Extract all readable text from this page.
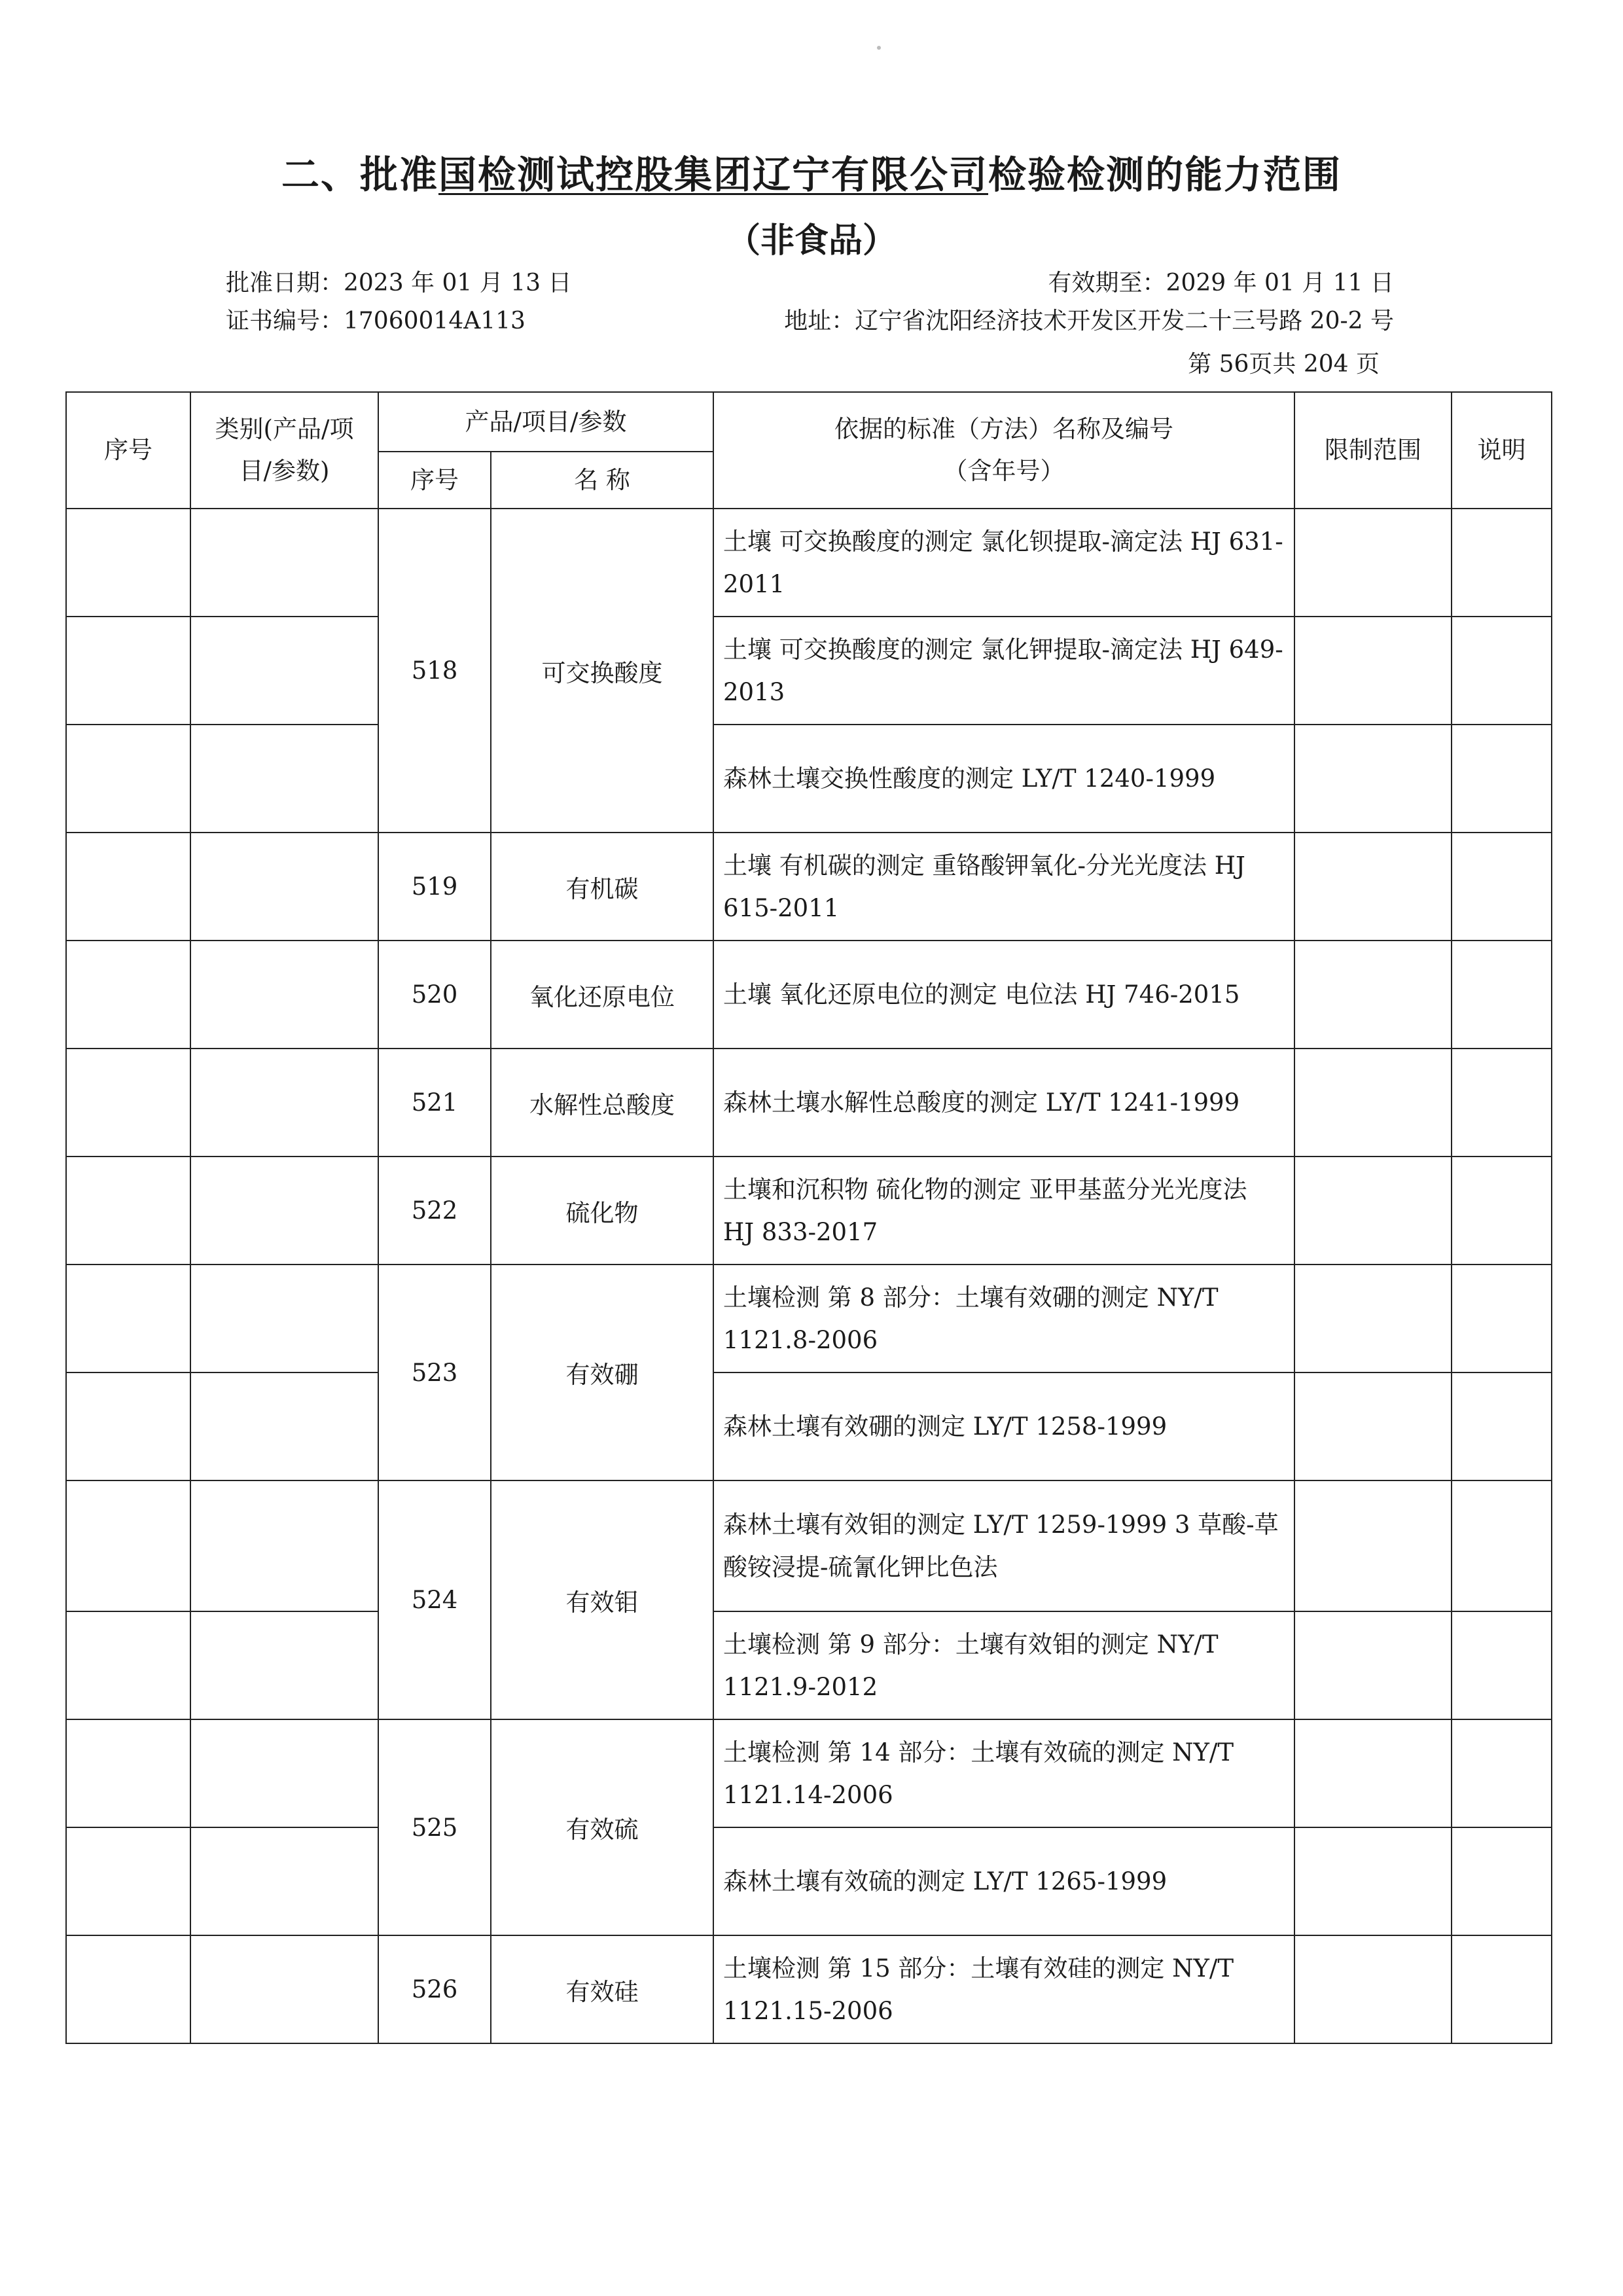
二、批准国检测试控股集团辽宁有限公司检验检测的能力范围
（非食品）
批准日期：2023 年 01 月 13 日	有效期至：2029 年 01 月 11 日
证书编号：17060014A113	地址：辽宁省沈阳经济技术开发区开发二十三号路 20-2 号
第 56页共 204 页
序号	类别(产品/项目/参数)	产品/项目/参数		依据的标准（方法）名称及编号（含年号）	限制范围	说明
		序号	名 称			
		518	可交换酸度	土壤 可交换酸度的测定 氯化钡提取-滴定法 HJ 631-2011		
				土壤 可交换酸度的测定 氯化钾提取-滴定法 HJ 649-2013		
				森林土壤交换性酸度的测定 LY/T 1240-1999		
		519	有机碳	土壤 有机碳的测定 重铬酸钾氧化-分光光度法 HJ 615-2011		
		520	氧化还原电位	土壤 氧化还原电位的测定 电位法 HJ 746-2015		
		521	水解性总酸度	森林土壤水解性总酸度的测定 LY/T 1241-1999		
		522	硫化物	土壤和沉积物 硫化物的测定 亚甲基蓝分光光度法 HJ 833-2017		
		523	有效硼	土壤检测 第 8 部分：土壤有效硼的测定 NY/T 1121.8-2006		
				森林土壤有效硼的测定 LY/T 1258-1999		
		524	有效钼	森林土壤有效钼的测定 LY/T 1259-1999 3 草酸-草酸铵浸提-硫氰化钾比色法		
				土壤检测 第 9 部分：土壤有效钼的测定 NY/T 1121.9-2012		
		525	有效硫	土壤检测 第 14 部分：土壤有效硫的测定 NY/T 1121.14-2006		
				森林土壤有效硫的测定 LY/T 1265-1999		
		526	有效硅	土壤检测 第 15 部分：土壤有效硅的测定 NY/T 1121.15-2006		
